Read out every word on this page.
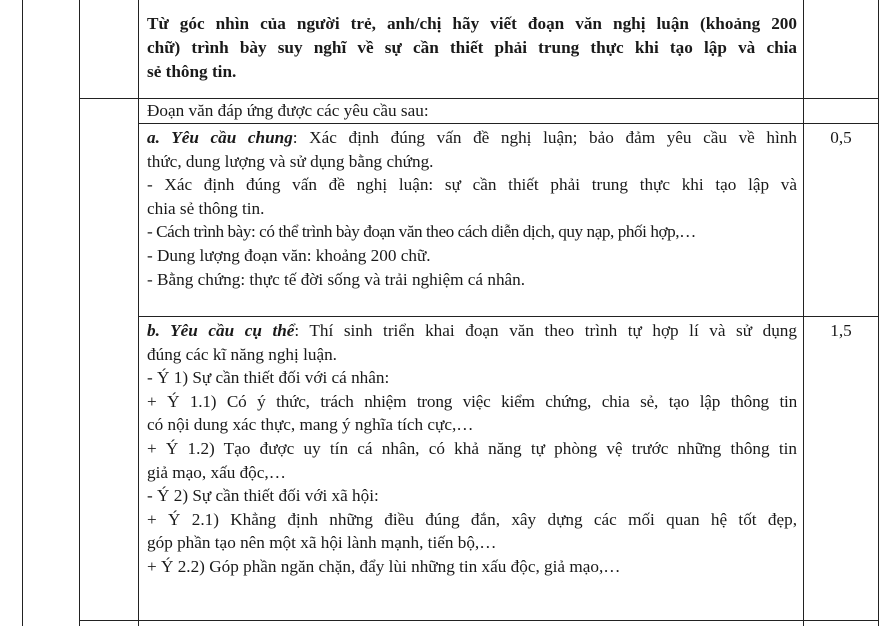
Từ góc nhìn của người trẻ, anh/chị hãy viết đoạn văn nghị luận (khoảng 200
chữ) trình bày suy nghĩ về sự cần thiết phải trung thực khi tạo lập và chia
sẻ thông tin.

Đoạn văn đáp ứng được các yêu cầu sau:

a. Yêu cầu chung: Xác định đúng vấn đề nghị luận; bảo đảm yêu cầu về hình
thức, dung lượng và sử dụng bằng chứng.
- Xác định đúng vấn đề nghị luận: sự cần thiết phải trung thực khi tạo lập và
chia sẻ thông tin.
- Cách trình bày: có thể trình bày đoạn văn theo cách diễn dịch, quy nạp, phối hợp,…
- Dung lượng đoạn văn: khoảng 200 chữ.
- Bằng chứng: thực tế đời sống và trải nghiệm cá nhân.

0,5

b. Yêu cầu cụ thể: Thí sinh triển khai đoạn văn theo trình tự hợp lí và sử dụng
đúng các kĩ năng nghị luận.
- Ý 1) Sự cần thiết đối với cá nhân:
+ Ý 1.1) Có ý thức, trách nhiệm trong việc kiểm chứng, chia sẻ, tạo lập thông tin
có nội dung xác thực, mang ý nghĩa tích cực,…
+ Ý 1.2) Tạo được uy tín cá nhân, có khả năng tự phòng vệ trước những thông tin
giả mạo, xấu độc,…
- Ý 2) Sự cần thiết đối với xã hội:
+ Ý 2.1) Khẳng định những điều đúng đắn, xây dựng các mối quan hệ tốt đẹp,
góp phần tạo nên một xã hội lành mạnh, tiến bộ,…
+ Ý 2.2) Góp phần ngăn chặn, đẩy lùi những tin xấu độc, giả mạo,…

1,5
